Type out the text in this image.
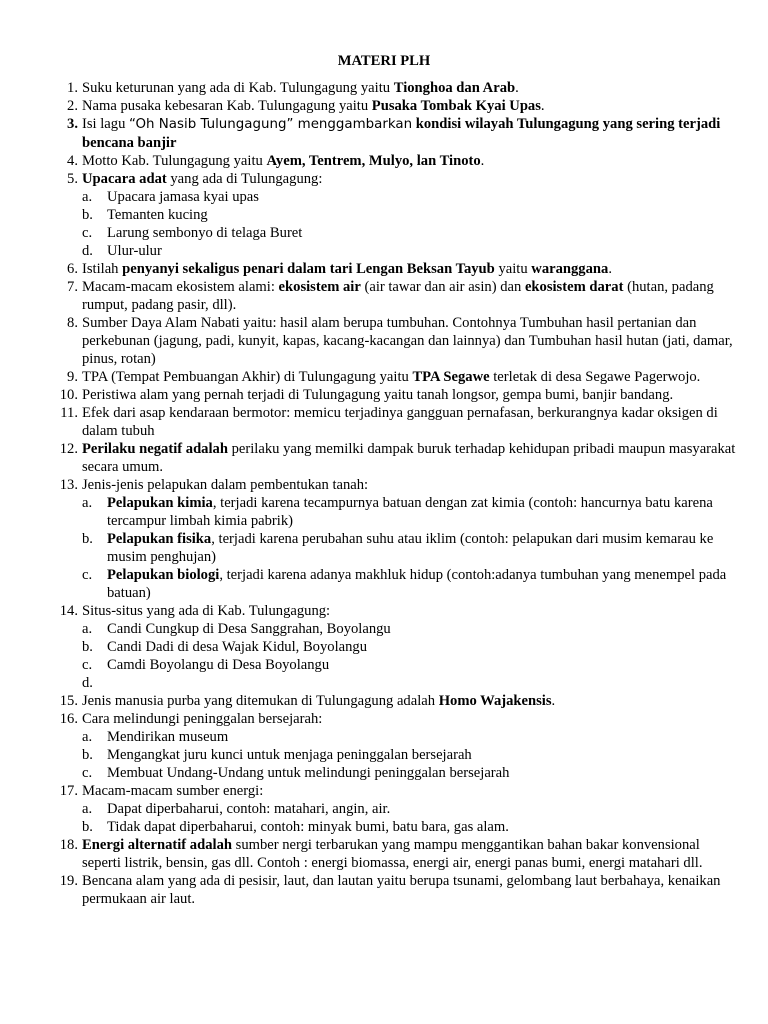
MATERI PLH
1. Suku keturunan yang ada di Kab. Tulungagung yaitu Tionghoa dan Arab.
2. Nama pusaka kebesaran Kab. Tulungagung yaitu Pusaka Tombak Kyai Upas.
3. Isi lagu “Oh Nasib Tulungagung” menggambarkan kondisi wilayah Tulungagung yang sering terjadi bencana banjir
4. Motto Kab. Tulungagung yaitu Ayem, Tentrem, Mulyo, lan Tinoto.
5. Upacara adat yang ada di Tulungagung:
a. Upacara jamasa kyai upas
b. Temanten kucing
c. Larung sembonyo di telaga Buret
d. Ulur-ulur
6. Istilah penyanyi sekaligus penari dalam tari Lengan Beksan Tayub yaitu waranggana.
7. Macam-macam ekosistem alami: ekosistem air (air tawar dan air asin) dan ekosistem darat (hutan, padang rumput, padang pasir, dll).
8. Sumber Daya Alam Nabati yaitu: hasil alam berupa tumbuhan. Contohnya Tumbuhan hasil pertanian dan perkebunan (jagung, padi, kunyit, kapas, kacang-kacangan dan lainnya) dan Tumbuhan hasil hutan (jati, damar, pinus, rotan)
9. TPA (Tempat Pembuangan Akhir) di Tulungagung yaitu TPA Segawe terletak di desa Segawe Pagerwojo.
10. Peristiwa alam yang pernah terjadi di Tulungagung yaitu tanah longsor, gempa bumi, banjir bandang.
11. Efek dari asap kendaraan bermotor: memicu terjadinya gangguan pernafasan, berkurangnya kadar oksigen di dalam tubuh
12. Perilaku negatif adalah perilaku yang memilki dampak buruk terhadap kehidupan pribadi maupun masyarakat secara umum.
13. Jenis-jenis pelapukan dalam pembentukan tanah:
a. Pelapukan kimia, terjadi karena tecampurnya batuan dengan zat kimia (contoh: hancurnya batu karena tercampur limbah kimia pabrik)
b. Pelapukan fisika, terjadi karena perubahan suhu atau iklim (contoh: pelapukan dari musim kemarau ke musim penghujan)
c. Pelapukan biologi, terjadi karena adanya makhluk hidup (contoh:adanya tumbuhan yang menempel pada batuan)
14. Situs-situs yang ada di Kab. Tulungagung:
a. Candi Cungkup di Desa Sanggrahan, Boyolangu
b. Candi Dadi di desa Wajak Kidul, Boyolangu
c. Camdi Boyolangu di Desa Boyolangu
d.
15. Jenis manusia purba yang ditemukan di Tulungagung adalah Homo Wajakensis.
16. Cara melindungi peninggalan bersejarah:
a. Mendirikan museum
b. Mengangkat juru kunci untuk menjaga peninggalan bersejarah
c. Membuat Undang-Undang untuk melindungi peninggalan bersejarah
17. Macam-macam sumber energi:
a. Dapat diperbaharui, contoh: matahari, angin, air.
b. Tidak dapat diperbaharui, contoh: minyak bumi, batu bara, gas alam.
18. Energi alternatif adalah sumber nergi terbarukan yang mampu menggantikan bahan bakar konvensional seperti listrik, bensin, gas dll. Contoh : energi biomassa, energi air, energi panas bumi, energi matahari dll.
19. Bencana alam yang ada di pesisir, laut, dan lautan yaitu berupa tsunami, gelombang laut berbahaya, kenaikan permukaan air laut.
